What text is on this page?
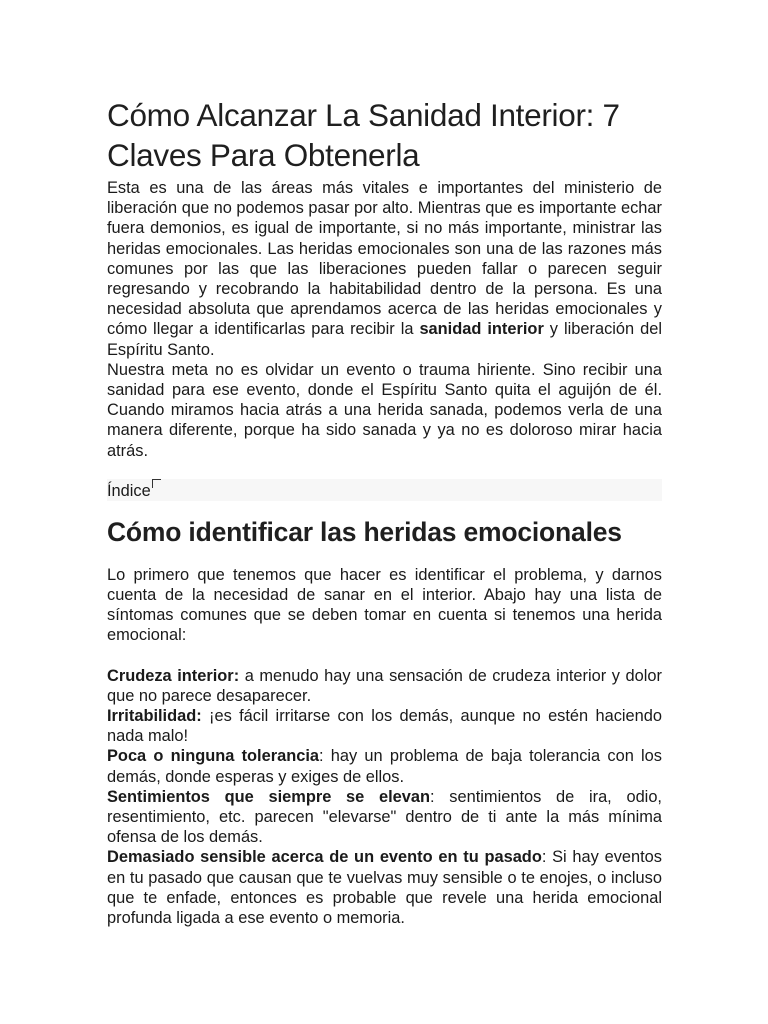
Cómo Alcanzar La Sanidad Interior: 7 Claves Para Obtenerla

Esta es una de las áreas más vitales e importantes del ministerio de liberación que no podemos pasar por alto. Mientras que es importante echar fuera demonios, es igual de importante, si no más importante, ministrar las heridas emocionales. Las heridas emocionales son una de las razones más comunes por las que las liberaciones pueden fallar o parecen seguir regresando y recobrando la habitabilidad dentro de la persona. Es una necesidad absoluta que aprendamos acerca de las heridas emocionales y cómo llegar a identificarlas para recibir la sanidad interior y liberación del Espíritu Santo.

Nuestra meta no es olvidar un evento o trauma hiriente. Sino recibir una sanidad para ese evento, donde el Espíritu Santo quita el aguijón de él. Cuando miramos hacia atrás a una herida sanada, podemos verla de una manera diferente, porque ha sido sanada y ya no es doloroso mirar hacia atrás.

Índice
Cómo identificar las heridas emocionales

Lo primero que tenemos que hacer es identificar el problema, y darnos cuenta de la necesidad de sanar en el interior. Abajo hay una lista de síntomas comunes que se deben tomar en cuenta si tenemos una herida emocional:

Crudeza interior: a menudo hay una sensación de crudeza interior y dolor que no parece desaparecer.

Irritabilidad: ¡es fácil irritarse con los demás, aunque no estén haciendo nada malo!

Poca o ninguna tolerancia: hay un problema de baja tolerancia con los demás, donde esperas y exiges de ellos.

Sentimientos que siempre se elevan: sentimientos de ira, odio, resentimiento, etc. parecen "elevarse" dentro de ti ante la más mínima ofensa de los demás.

Demasiado sensible acerca de un evento en tu pasado: Si hay eventos en tu pasado que causan que te vuelvas muy sensible o te enojes, o incluso que te enfade, entonces es probable que revele una herida emocional profunda ligada a ese evento o memoria.
